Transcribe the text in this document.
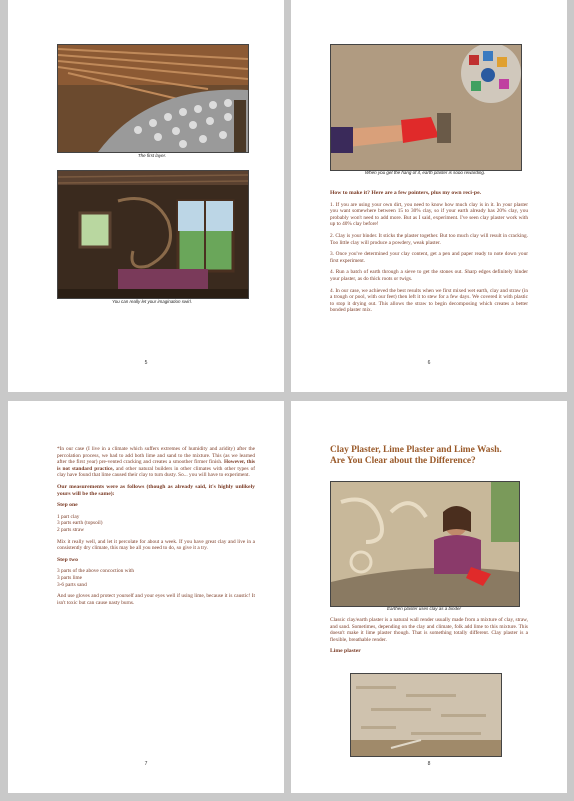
The first layer.
You can really let your imagination swirl.
5
When you get the hang of it, earth plaster is sooo rewarding.
How to make it? Here are a few pointers, plus my own reci-pe.

1. If you are using your own dirt, you need to know how much clay is in it. In your plaster you want somewhere between 15 to 30% clay, so if your earth already has 20% clay, you probably won't need to add more. But as I said, experiment. I've seen clay plaster work with up to 40% clay before!

2. Clay is your binder. It sticks the plaster together. But too much clay will result in cracking. Too little clay will produce a powdery, weak plaster.

3. Once you've determined your clay content, get a pen and paper ready to note down your first experiment.

4. Run a batch of earth through a sieve to get the stones out. Sharp edges definitely hinder your plaster, as do thick roots or twigs.

4. In our case, we achieved the best results when we first mixed wet earth, clay and straw (in a trough or pool, with our feet) then left it to stew for a few days. We covered it with plastic to stop it drying out. This allows the straw to begin decomposing which creates a better bonded plaster mix.

6

*In our case (I live in a climate which suffers extremes of humidity and aridity) after the percolation process, we had to add both lime and sand to the mixture. This (as we learned after the first year) pre-vented cracking and creates a smoother firmer finish. However, this is not standard practice, and other natural builders in other climates with other types of clay have found that lime caused their clay to turn dusty. So... you will have to experiment.

Our measurements were as follows (though as already said, it's highly unlikely yours will be the same):
Step one

1 part clay
3 parts earth (topsoil)
2 parts straw

Mix it really well, and let it percolate for about a week. If you have great clay and live in a consistently dry climate, this may be all you need to do, so give it a try.

Step two

3 parts of the above concoction with
3 parts lime
3-6 parts sand

And use gloves and protect yourself and your eyes well if using lime, because it is caustic! It isn't toxic but can cause nasty burns.

7
Clay Plaster, Lime Plaster and Lime Wash.
Are You Clear about the Difference?
Earthen plaster uses clay as a binder

Classic clay/earth plaster is a natural wall render usually made from a mixture of clay, straw, and sand. Sometimes, depending on the clay and climate, folk add lime to this mixture. This doesn't make it lime plaster though. That is something totally different. Clay plaster is a flexible, breathable render.

Lime plaster
8
